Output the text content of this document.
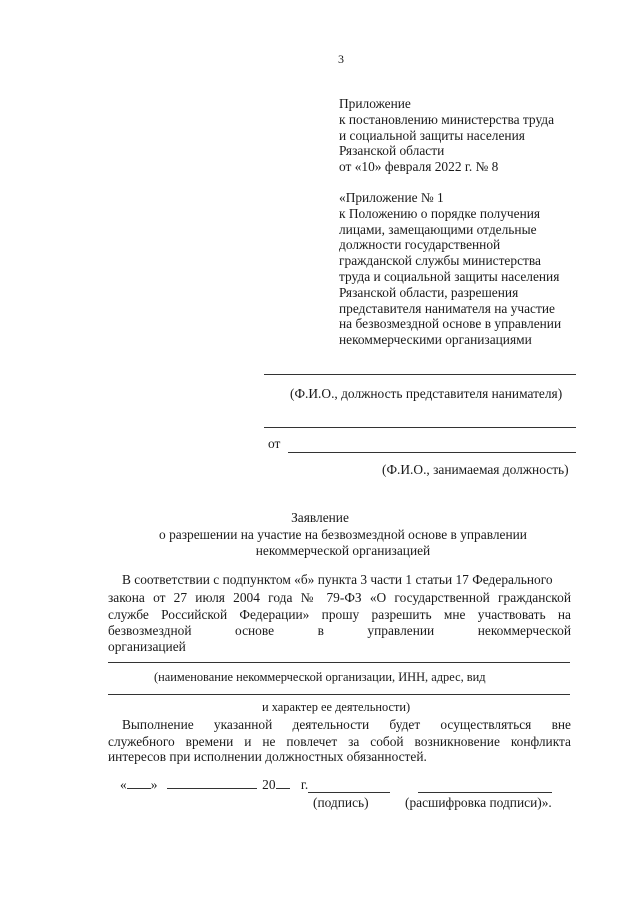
3
Приложение
к постановлению министерства труда
и социальной защиты населения
Рязанской области
от «10» февраля 2022 г. № 8
«Приложение № 1
к Положению о порядке получения
лицами, замещающими отдельные
должности государственной
гражданской службы министерства
труда и социальной защиты населения
Рязанской области, разрешения
представителя нанимателя на участие
на безвозмездной основе в управлении
некоммерческими организациями
(Ф.И.О., должность представителя нанимателя)
от
(Ф.И.О., занимаемая должность)
Заявление
о разрешении на участие на безвозмездной основе в управлении
некоммерческой организацией
В соответствии с подпунктом «б» пункта 3 части 1 статьи 17 Федерального
закона от 27 июля 2004 года № 79-ФЗ «О государственной гражданской
службе Российской Федерации» прошу разрешить мне участвовать на
безвозмездной основе в управлении некоммерческой
организацией
(наименование некоммерческой организации, ИНН, адрес, вид
и характер ее деятельности)
Выполнение указанной деятельности будет осуществляться вне
служебного времени и не повлечет за собой возникновение конфликта
интересов при исполнении должностных обязанностей.
« »	20 г.
(подпись)	(расшифровка подписи)».
